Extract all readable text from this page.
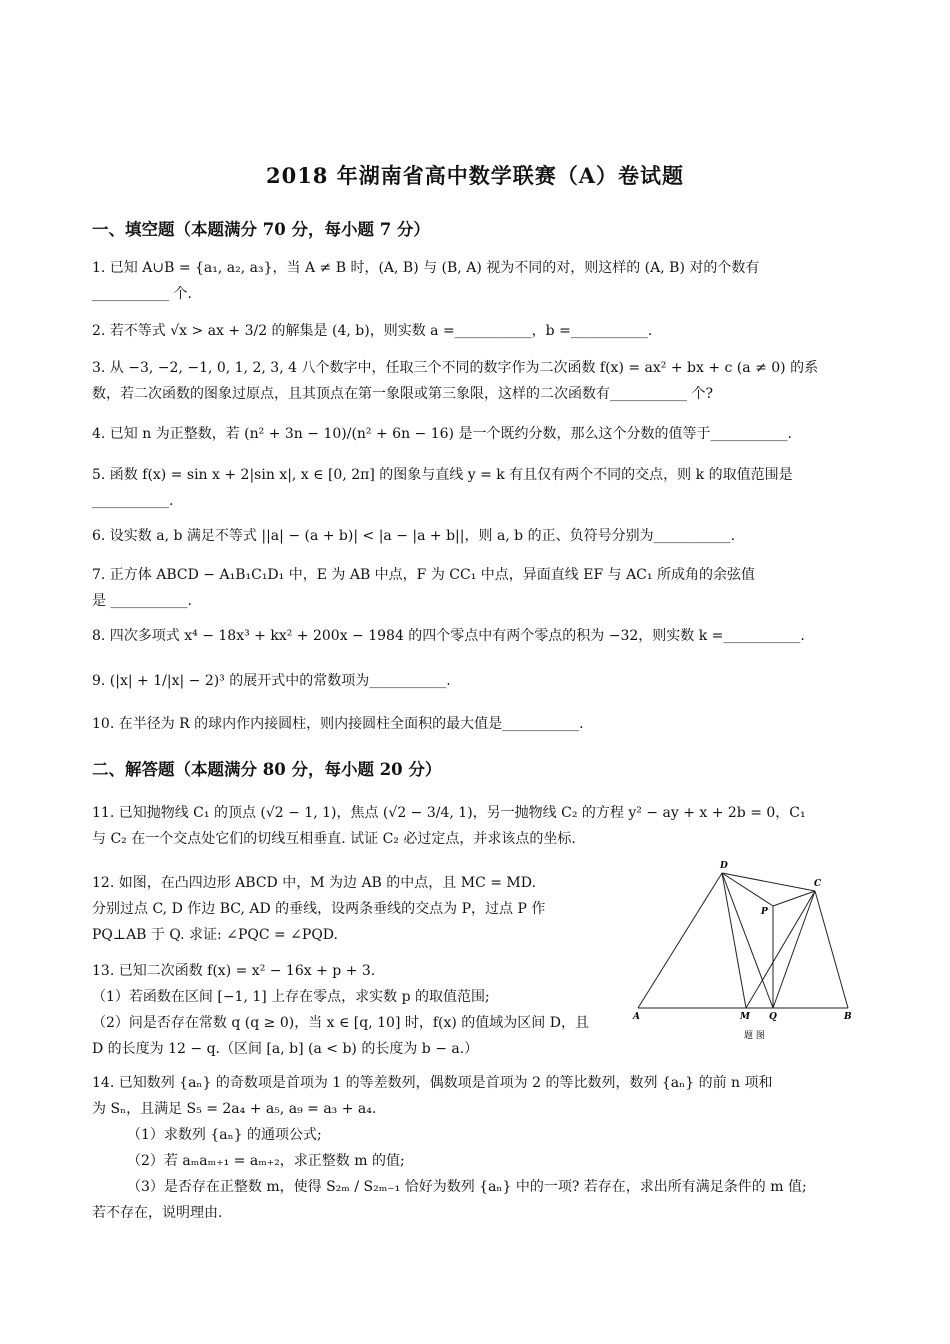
2018 年湖南省高中数学联赛（A）卷试题
一、填空题（本题满分 70 分，每小题 7 分）
1. 已知 A∪B = {a₁, a₂, a₃}，当 A ≠ B 时，(A, B) 与 (B, A) 视为不同的对，则这样的 (A, B) 对的个数有
___________ 个.
2. 若不等式 √x > ax + 3/2 的解集是 (4, b)，则实数 a =___________，b =___________.
3. 从 −3, −2, −1, 0, 1, 2, 3, 4 八个数字中，任取三个不同的数字作为二次函数 f(x) = ax² + bx + c (a ≠ 0) 的系
数，若二次函数的图象过原点，且其顶点在第一象限或第三象限，这样的二次函数有___________ 个?
4. 已知 n 为正整数，若 (n² + 3n − 10)/(n² + 6n − 16) 是一个既约分数，那么这个分数的值等于___________.
5. 函数 f(x) = sin x + 2|sin x|, x ∈ [0, 2π] 的图象与直线 y = k 有且仅有两个不同的交点，则 k 的取值范围是
___________.
6. 设实数 a, b 满足不等式 ||a| − (a + b)| < |a − |a + b||，则 a, b 的正、负符号分别为___________.
7. 正方体 ABCD − A₁B₁C₁D₁ 中，E 为 AB 中点，F 为 CC₁ 中点，异面直线 EF 与 AC₁ 所成角的余弦值
是 ___________.
8. 四次多项式 x⁴ − 18x³ + kx² + 200x − 1984 的四个零点中有两个零点的积为 −32，则实数 k =___________.
9. (|x| + 1/|x| − 2)³ 的展开式中的常数项为___________.
10. 在半径为 R 的球内作内接圆柱，则内接圆柱全面积的最大值是___________.
二、解答题（本题满分 80 分，每小题 20 分）
11. 已知抛物线 C₁ 的顶点 (√2 − 1, 1)，焦点 (√2 − 3/4, 1)，另一抛物线 C₂ 的方程 y² − ay + x + 2b = 0，C₁
与 C₂ 在一个交点处它们的切线互相垂直. 试证 C₂ 必过定点，并求该点的坐标.
12. 如图，在凸四边形 ABCD 中，M 为边 AB 的中点，且 MC = MD.
分别过点 C, D 作边 BC, AD 的垂线，设两条垂线的交点为 P，过点 P 作
PQ⊥AB 于 Q. 求证: ∠PQC = ∠PQD.
13. 已知二次函数 f(x) = x² − 16x + p + 3.
（1）若函数在区间 [−1, 1] 上存在零点，求实数 p 的取值范围;
（2）问是否存在常数 q (q ≥ 0)，当 x ∈ [q, 10] 时，f(x) 的值域为区间 D，且
D 的长度为 12 − q.（区间 [a, b] (a < b) 的长度为 b − a.）
D
C
P
A	M Q	B
题 图
14. 已知数列 {aₙ} 的奇数项是首项为 1 的等差数列，偶数项是首项为 2 的等比数列，数列 {aₙ} 的前 n 项和
为 Sₙ，且满足 S₅ = 2a₄ + a₅, a₉ = a₃ + a₄.
（1）求数列 {aₙ} 的通项公式;
（2）若 aₘaₘ₊₁ = aₘ₊₂，求正整数 m 的值;
（3）是否存在正整数 m，使得 S₂ₘ / S₂ₘ₋₁ 恰好为数列 {aₙ} 中的一项? 若存在，求出所有满足条件的 m 值;
若不存在，说明理由.
